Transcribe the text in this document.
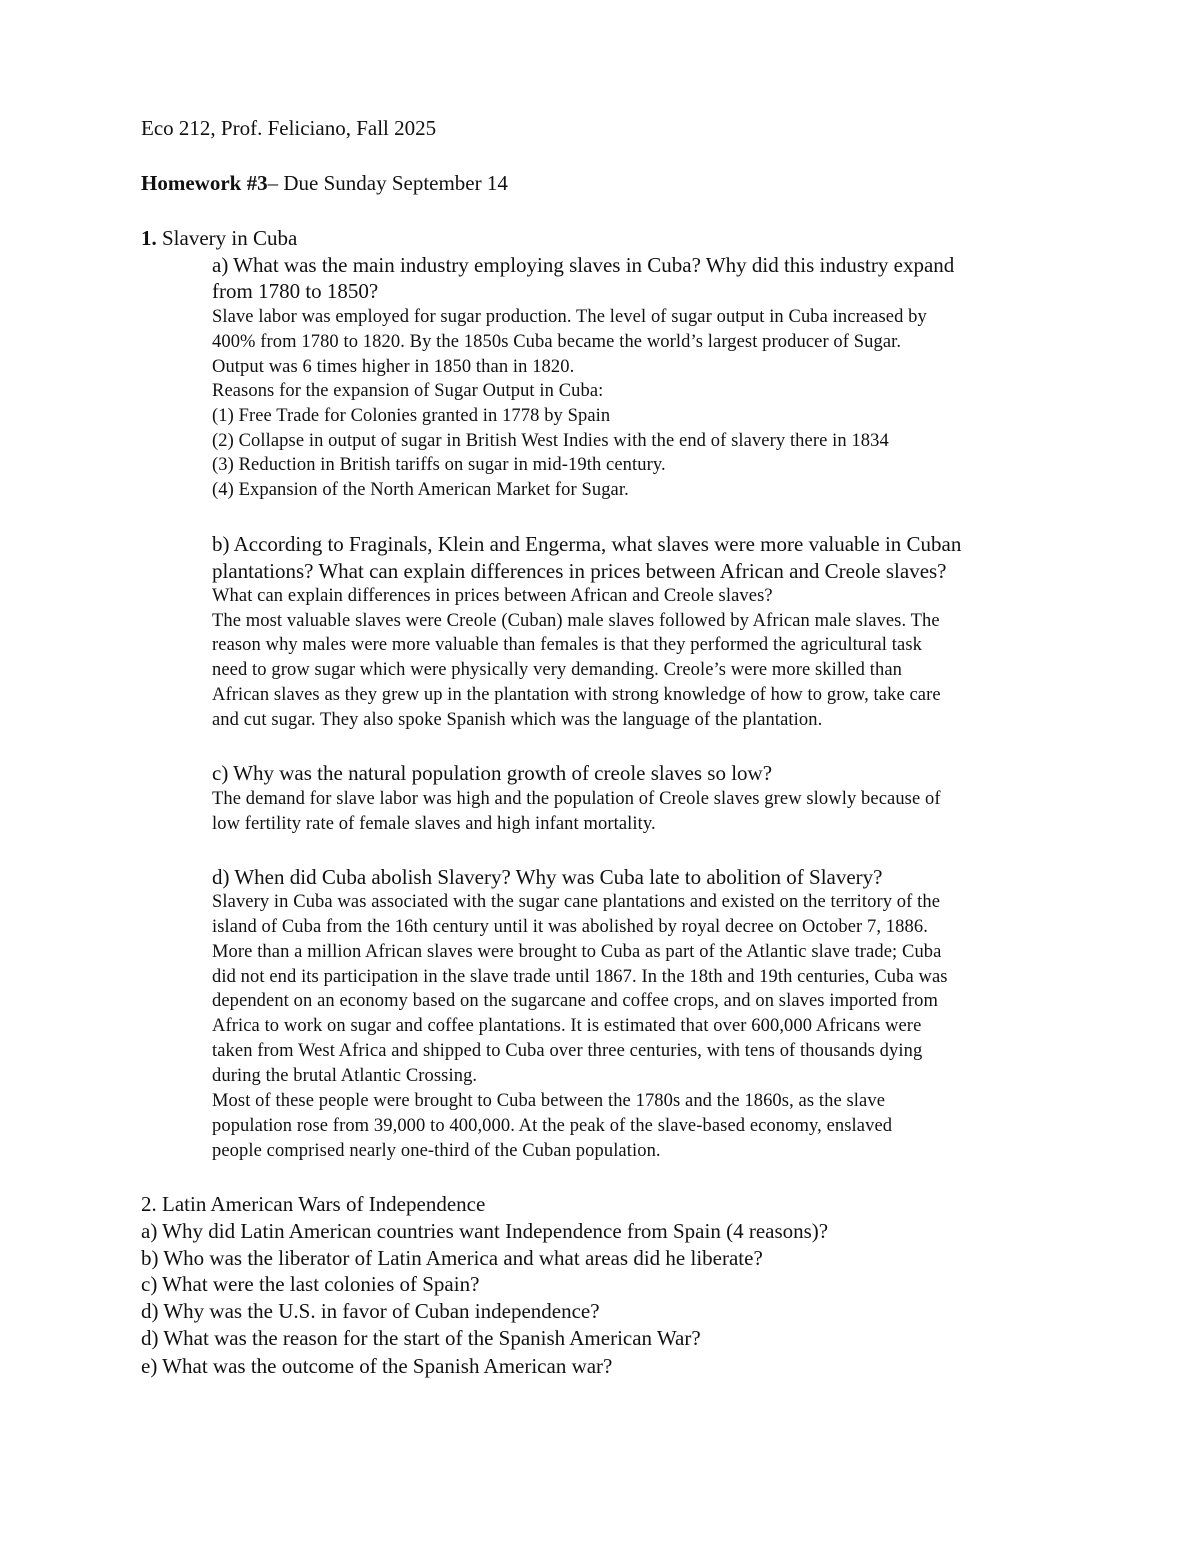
Eco 212, Prof. Feliciano, Fall 2025
Homework #3– Due Sunday September 14
1. Slavery in Cuba
a) What was the main industry employing slaves in Cuba? Why did this industry expand
from 1780 to 1850?
Slave labor was employed for sugar production. The level of sugar output in Cuba increased by
400% from 1780 to 1820. By the 1850s Cuba became the world’s largest producer of Sugar.
Output was 6 times higher in 1850 than in 1820.
Reasons for the expansion of Sugar Output in Cuba:
(1) Free Trade for Colonies granted in 1778 by Spain
(2) Collapse in output of sugar in British West Indies with the end of slavery there in 1834
(3) Reduction in British tariffs on sugar in mid-19th century.
(4) Expansion of the North American Market for Sugar.
b) According to Fraginals, Klein and Engerma, what slaves were more valuable in Cuban
plantations? What can explain differences in prices between African and Creole slaves?
What can explain differences in prices between African and Creole slaves?
The most valuable slaves were Creole (Cuban) male slaves followed by African male slaves. The
reason why males were more valuable than females is that they performed the agricultural task
need to grow sugar which were physically very demanding. Creole’s were more skilled than
African slaves as they grew up in the plantation with strong knowledge of how to grow, take care
and cut sugar. They also spoke Spanish which was the language of the plantation.
c) Why was the natural population growth of creole slaves so low?
The demand for slave labor was high and the population of Creole slaves grew slowly because of
low fertility rate of female slaves and high infant mortality.
d) When did Cuba abolish Slavery? Why was Cuba late to abolition of Slavery?
Slavery in Cuba was associated with the sugar cane plantations and existed on the territory of the
island of Cuba from the 16th century until it was abolished by royal decree on October 7, 1886.
More than a million African slaves were brought to Cuba as part of the Atlantic slave trade; Cuba
did not end its participation in the slave trade until 1867. In the 18th and 19th centuries, Cuba was
dependent on an economy based on the sugarcane and coffee crops, and on slaves imported from
Africa to work on sugar and coffee plantations. It is estimated that over 600,000 Africans were
taken from West Africa and shipped to Cuba over three centuries, with tens of thousands dying
during the brutal Atlantic Crossing.
Most of these people were brought to Cuba between the 1780s and the 1860s, as the slave
population rose from 39,000 to 400,000. At the peak of the slave-based economy, enslaved
people comprised nearly one-third of the Cuban population.
2. Latin American Wars of Independence
a) Why did Latin American countries want Independence from Spain (4 reasons)?
b) Who was the liberator of Latin America and what areas did he liberate?
c) What were the last colonies of Spain?
d) Why was the U.S. in favor of Cuban independence?
d) What was the reason for the start of the Spanish American War?
e) What was the outcome of the Spanish American war?
